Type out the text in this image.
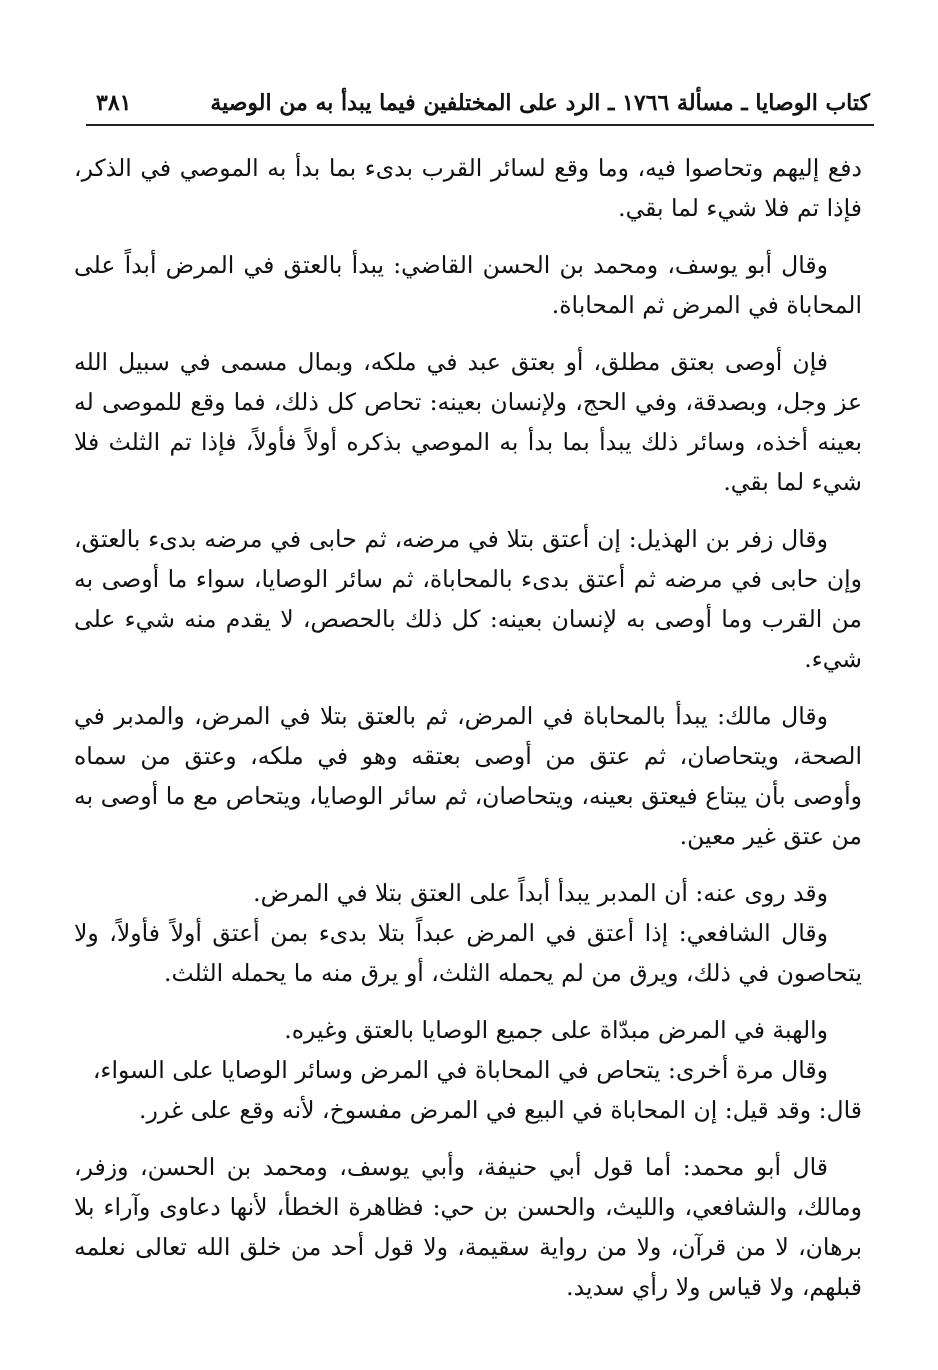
كتاب الوصايا ـ مسألة ١٧٦٦ ـ الرد على المختلفين فيما يبدأ به من الوصية
٣٨١

دفع إليهم وتحاصوا فيه، وما وقع لسائر القرب بدىء بما بدأ به الموصي في الذكر، فإذا تم فلا شيء لما بقي.

وقال أبو يوسف، ومحمد بن الحسن القاضي: يبدأ بالعتق في المرض أبداً على المحاباة في المرض ثم المحاباة.

فإن أوصى بعتق مطلق، أو بعتق عبد في ملكه، وبمال مسمى في سبيل الله عز وجل، وبصدقة، وفي الحج، ولإنسان بعينه: تحاص كل ذلك، فما وقع للموصى له بعينه أخذه، وسائر ذلك يبدأ بما بدأ به الموصي بذكره أولاً فأولاً، فإذا تم الثلث فلا شيء لما بقي.

وقال زفر بن الهذيل: إن أعتق بتلا في مرضه، ثم حابى في مرضه بدىء بالعتق، وإن حابى في مرضه ثم أعتق بدىء بالمحاباة، ثم سائر الوصايا، سواء ما أوصى به من القرب وما أوصى به لإنسان بعينه: كل ذلك بالحصص، لا يقدم منه شيء على شيء.

وقال مالك: يبدأ بالمحاباة في المرض، ثم بالعتق بتلا في المرض، والمدبر في الصحة، ويتحاصان، ثم عتق من أوصى بعتقه وهو في ملكه، وعتق من سماه وأوصى بأن يبتاع فيعتق بعينه، ويتحاصان، ثم سائر الوصايا، ويتحاص مع ما أوصى به من عتق غير معين.

وقد روى عنه: أن المدبر يبدأ أبداً على العتق بتلا في المرض.

وقال الشافعي: إذا أعتق في المرض عبداً بتلا بدىء بمن أعتق أولاً فأولاً، ولا يتحاصون في ذلك، ويرق من لم يحمله الثلث، أو يرق منه ما يحمله الثلث.

والهبة في المرض مبدّاة على جميع الوصايا بالعتق وغيره.

وقال مرة أخرى: يتحاص في المحاباة في المرض وسائر الوصايا على السواء،

قال: وقد قيل: إن المحاباة في البيع في المرض مفسوخ، لأنه وقع على غرر.

قال أبو محمد: أما قول أبي حنيفة، وأبي يوسف، ومحمد بن الحسن، وزفر، ومالك، والشافعي، والليث، والحسن بن حي: فظاهرة الخطأ، لأنها دعاوى وآراء بلا برهان، لا من قرآن، ولا من رواية سقيمة، ولا قول أحد من خلق الله تعالى نعلمه قبلهم، ولا قياس ولا رأي سديد.
